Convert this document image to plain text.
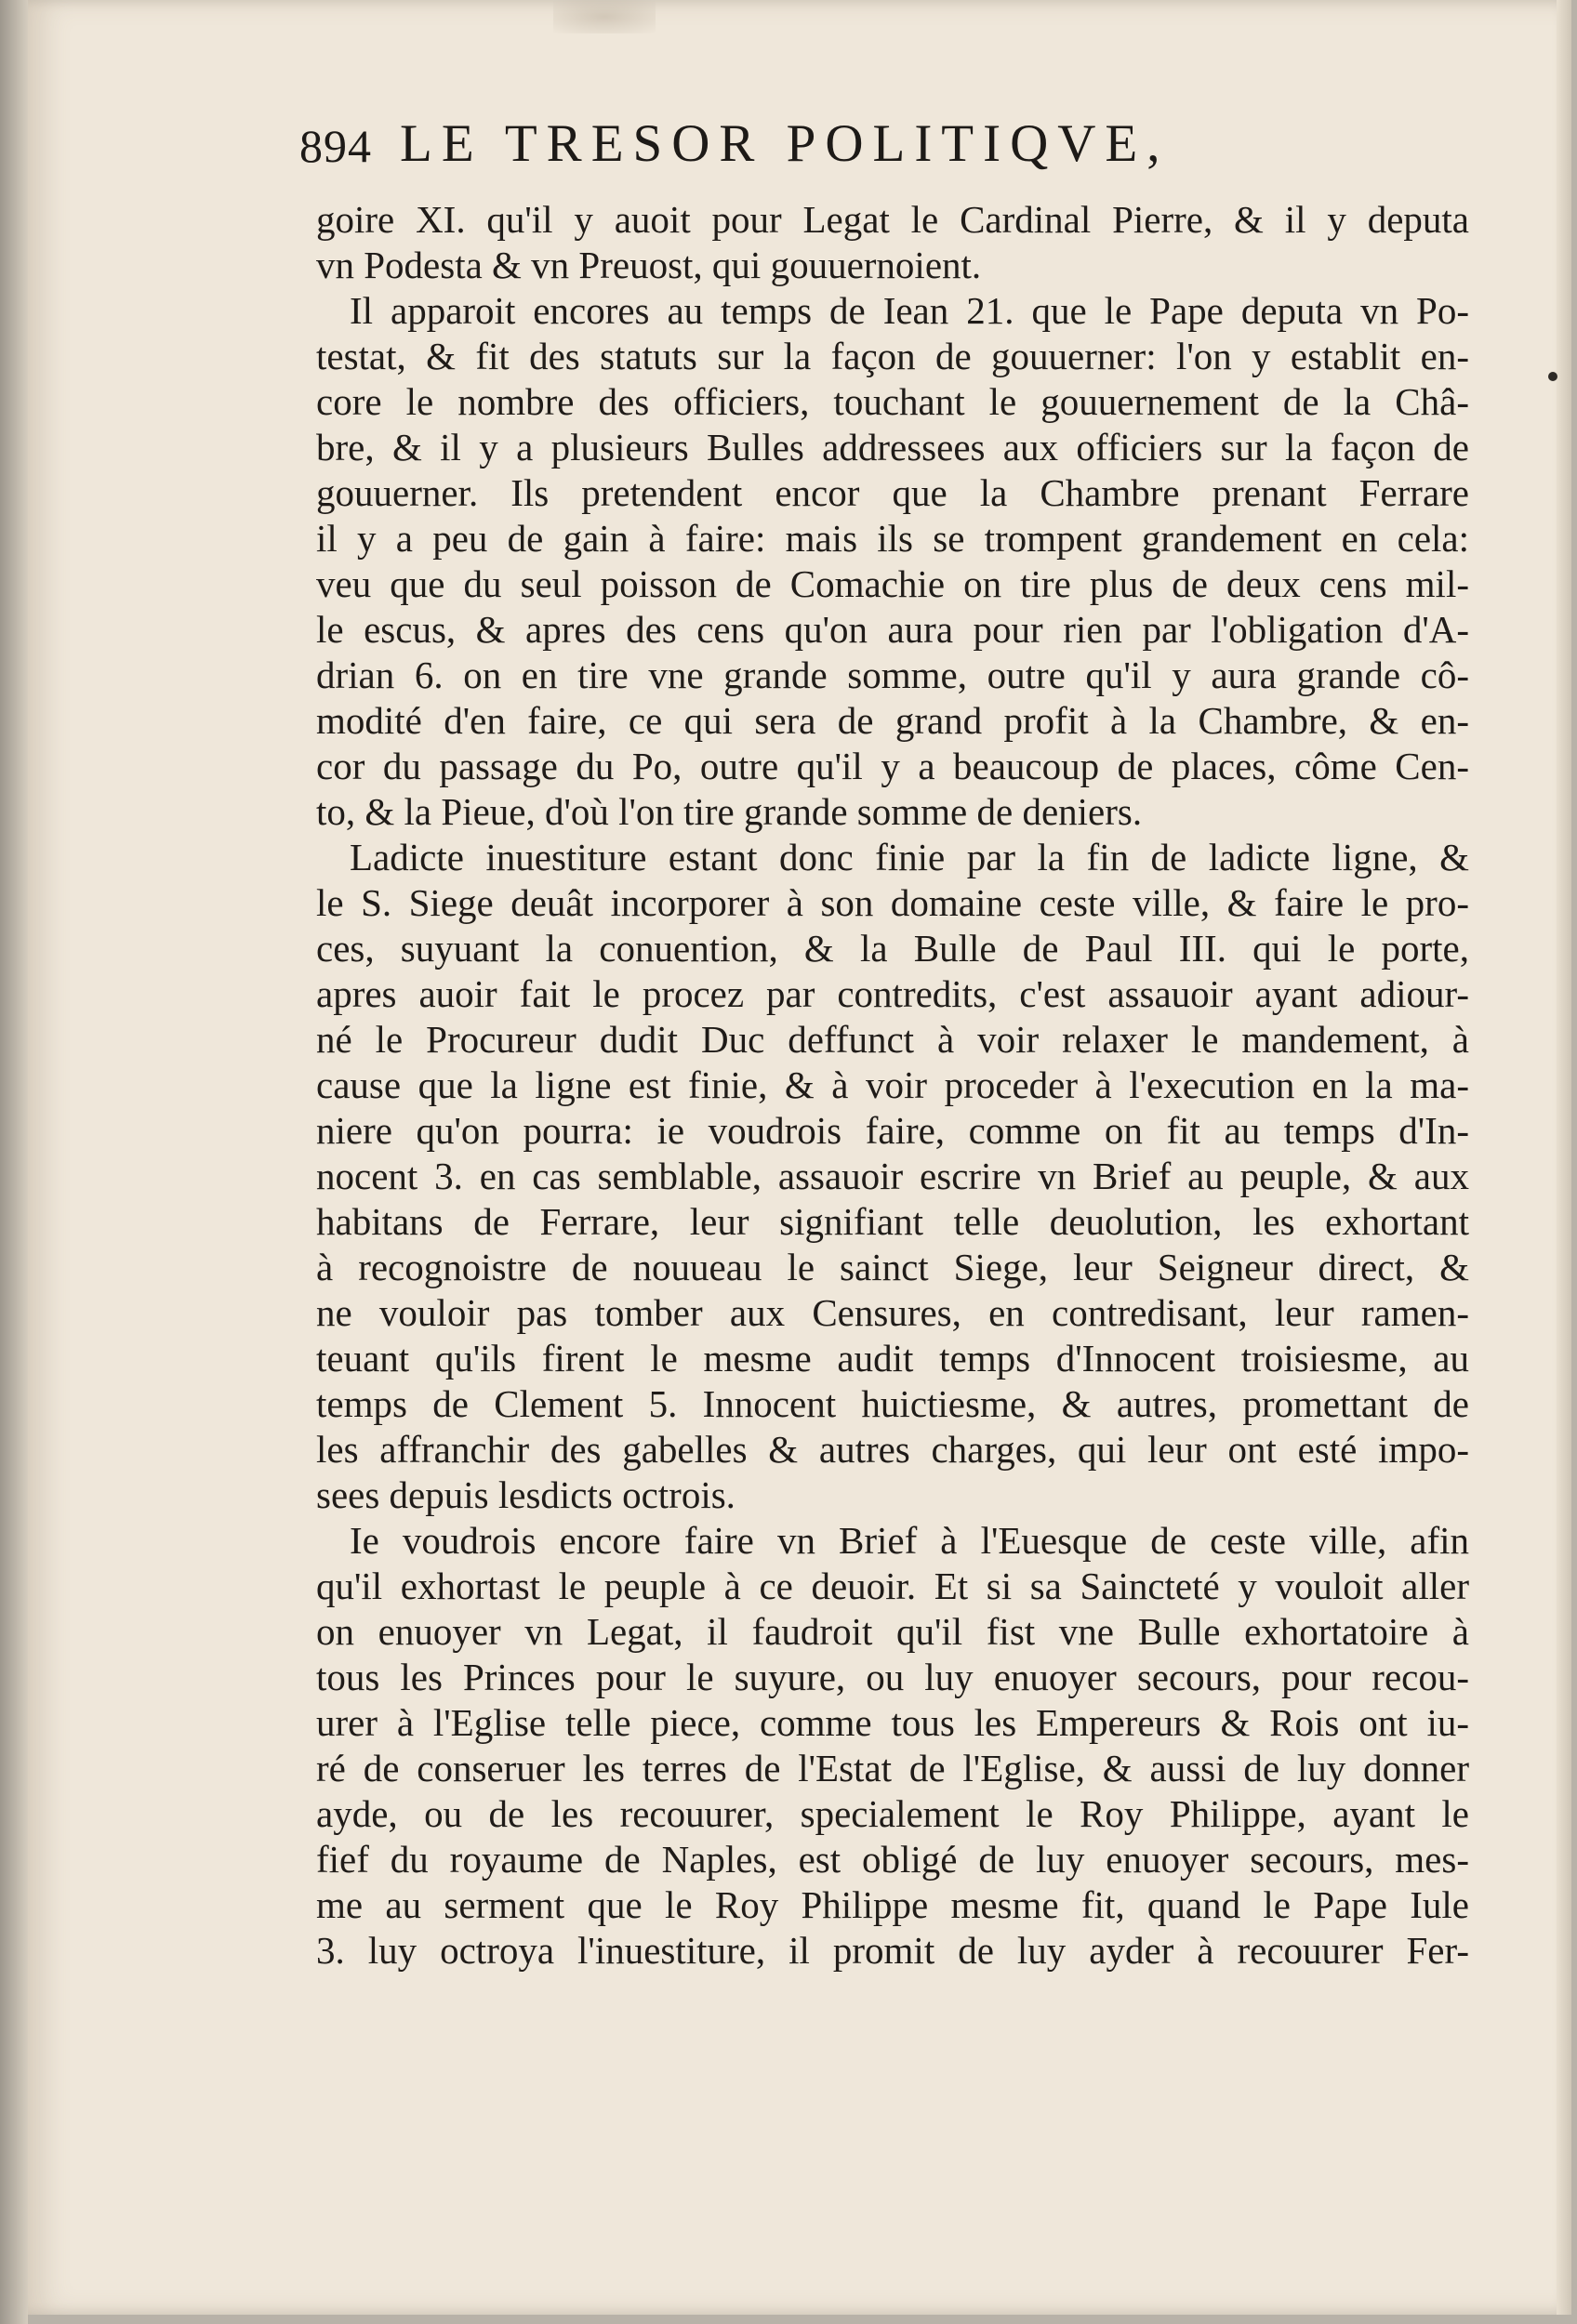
894 LE TRESOR POLITIQVE,
goire XI. qu'il y auoit pour Legat le Cardinal Pierre, & il y deputa
vn Podesta & vn Preuost, qui gouuernoient.
Il apparoit encores au temps de Iean 21. que le Pape deputa vn Po-
testat, & fit des statuts sur la façon de gouuerner: l'on y establit en-
core le nombre des officiers, touchant le gouuernement de la Châ-
bre, & il y a plusieurs Bulles addressees aux officiers sur la façon de
gouuerner. Ils pretendent encor que la Chambre prenant Ferrare
il y a peu de gain à faire: mais ils se trompent grandement en cela:
veu que du seul poisson de Comachie on tire plus de deux cens mil-
le escus, & apres des cens qu'on aura pour rien par l'obligation d'A-
drian 6. on en tire vne grande somme, outre qu'il y aura grande cô-
modité d'en faire, ce qui sera de grand profit à la Chambre, & en-
cor du passage du Po, outre qu'il y a beaucoup de places, côme Cen-
to, & la Pieue, d'où l'on tire grande somme de deniers.
Ladicte inuestiture estant donc finie par la fin de ladicte ligne, &
le S. Siege deuât incorporer à son domaine ceste ville, & faire le pro-
ces, suyuant la conuention, & la Bulle de Paul III. qui le porte,
apres auoir fait le procez par contredits, c'est assauoir ayant adiour-
né le Procureur dudit Duc deffunct à voir relaxer le mandement, à
cause que la ligne est finie, & à voir proceder à l'execution en la ma-
niere qu'on pourra: ie voudrois faire, comme on fit au temps d'In-
nocent 3. en cas semblable, assauoir escrire vn Brief au peuple, & aux
habitans de Ferrare, leur signifiant telle deuolution, les exhortant
à recognoistre de nouueau le sainct Siege, leur Seigneur direct, &
ne vouloir pas tomber aux Censures, en contredisant, leur ramen-
teuant qu'ils firent le mesme audit temps d'Innocent troisiesme, au
temps de Clement 5. Innocent huictiesme, & autres, promettant de
les affranchir des gabelles & autres charges, qui leur ont esté impo-
sees depuis lesdicts octrois.
Ie voudrois encore faire vn Brief à l'Euesque de ceste ville, afin
qu'il exhortast le peuple à ce deuoir. Et si sa Saincteté y vouloit aller
on enuoyer vn Legat, il faudroit qu'il fist vne Bulle exhortatoire à
tous les Princes pour le suyure, ou luy enuoyer secours, pour recou-
urer à l'Eglise telle piece, comme tous les Empereurs & Rois ont iu-
ré de conseruer les terres de l'Estat de l'Eglise, & aussi de luy donner
ayde, ou de les recouurer, specialement le Roy Philippe, ayant le
fief du royaume de Naples, est obligé de luy enuoyer secours, mes-
me au serment que le Roy Philippe mesme fit, quand le Pape Iule
3. luy octroya l'inuestiture, il promit de luy ayder à recouurer Fer-
